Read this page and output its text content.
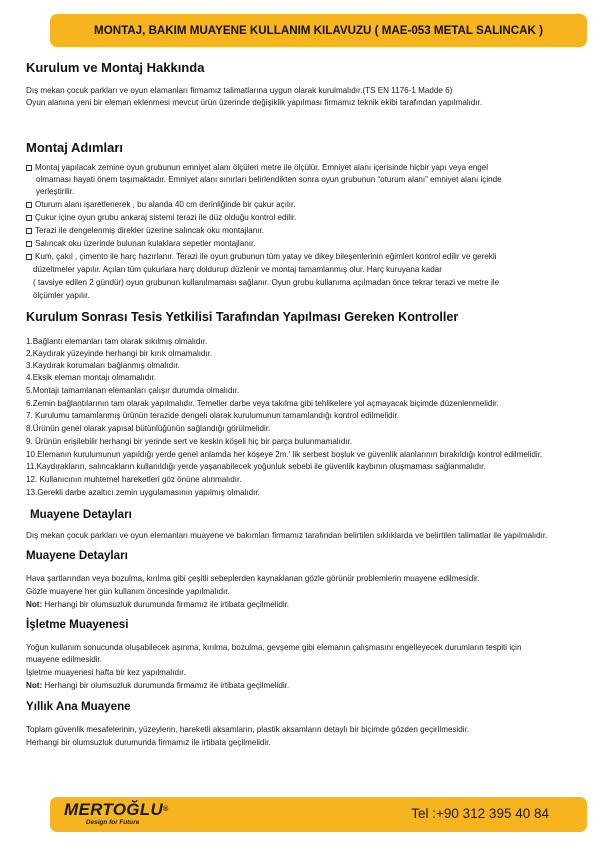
MONTAJ, BAKIM MUAYENE KULLANIM KILAVUZU ( MAE-053 METAL SALINCAK )
Kurulum ve Montaj Hakkında

Dış mekan çocuk parkları ve oyun elamanları firmamız talimatlarına uygun olarak kurulmalıdır.(TS EN 1176-1 Madde 6)

Oyun alanına yeni bir eleman eklenmesi mevcut ürün üzerinde değişiklik yapılması firmamız teknik ekibi tarafından yapılmalıdır.

Montaj Adımları

Montaj yapılacak zemine oyun grubunun emniyet alanı ölçüleri metre ile ölçülür. Emniyet alanı içerisinde hiçbir yapı veya engel

olmaması hayati önem taşımaktadır. Emniyet alanı sınırları belirlendikten sonra oyun grubunun “oturum alanı” emniyet alanı içinde

yerleştirilir.

Oturum alanı işaretlenerek , bu alanda 40 cm derinliğinde bir çukur açılır.

Çukur içine oyun grubu ankaraj sistemi terazi ile düz olduğu kontrol edilir.

Terazi ile dengelenmiş direkler üzerine salıncak oku montajlanır.

Salıncak oku üzerinde bulunan kulaklara sepetler montajlanır.

Kum, çakıl , çimento ile harç hazırlanır. Terazi ile oyun grubunun tüm yatay ve dikey bileşenlerinin eğimleri kontrol edilir ve gerekli

düzeltmeler yapılır. Açılan tüm çukurlara harç doldurup düzlenir ve montaj tamamlanmış olur. Harç kuruyana kadar

( tavsiye edilen 2 gündür) oyun grubunun kullanılmaması sağlanır. Oyun grubu kullanıma açılmadan önce tekrar terazi ve metre ile

ölçümler yapılır.

Kurulum Sonrası Tesis Yetkilisi Tarafından Yapılması Gereken Kontroller

1.Bağlantı elemanları tam olarak sıkılmış olmalıdır.

2.Kaydırak yüzeyinde herhangi bir kırık olmamalıdır.

3.Kaydırak korumaları bağlanmış olmalıdır.

4.Eksik eleman montajı olmamalıdır.

5.Montajı tamamlanan elemanları çalışır durumda olmalıdır.

6.Zemin bağlantılarının tam olarak yapılmalıdır. Temeller darbe veya takılma gibi tehlikelere yol açmayacak biçimde düzenlenmelidir.

7. Kurulumu tamamlanmış ürünün terazide dengeli olarak kurulumunun tamamlandığı kontrol edilmelidir.

8.Ürünün genel olarak yapısal bütünlüğünün sağlandığı görülmelidir.

9. Ürünün erişilebilir herhangi bir yerinde sert ve keskin köşeli hiç bir parça bulunmamalıdır.

10.Elemanın kurulumunun yapıldığı yerde genel anlamda her köşeye 2m.' lik serbest boşluk ve güvenlik alanlarının bırakıldığı kontrol edilmelidir.

11.Kaydırakların, salıncakların kullanıldığı yerde yaşanabilecek yoğunluk sebebi ile güvenlik kaybının oluşmaması sağlanmalıdır.

12. Kullanıcının muhtemel hareketleri göz önüne alınmalıdır.

13.Gerekli darbe azaltıcı zemin uygulamasının yapılmış olmalıdır.

Muayene Detayları

Dış mekan çocuk parkları ve oyun elemanları muayene ve bakımları firmamız tarafından belirtilen sıklıklarda ve belirtilen talimatlar ile yapılmalıdır.

Muayene Detayları

Hava şartlarından veya bozulma, kırılma gibi çeşitli sebeplerden kaynaklanan gözle görünür problemlerin muayene edilmesidir.

Gözle muayene her gün kullanım öncesinde yapılmalıdır.

Not: Herhangi bir olumsuzluk durumunda firmamız ile irtibata geçilmelidir.

İşletme Muayenesi

Yoğun kullanım sonucunda oluşabilecek aşınma, kırılma, bozulma, gevşeme gibi elemanın çalışmasını engelleyecek durumların tespiti için

muayene edilmesidir.

İşletme muayenesi hafta bir kez yapılmalıdır.

Not: Herhangi bir olumsuzluk durumunda firmamız ile irtibata geçilmelidir.

Yıllık Ana Muayene

Toplam güvenlik mesafelerinin, yüzeylerin, hareketli aksamların, plastik aksamların detaylı bir biçimde gözden geçirilmesidir.

Herhangi bir olumsuzluk durumunda firmamız ile irtibata geçilmelidir.

MERTOĞLU®
Design for Future
Tel :+90 312 395 40 84
